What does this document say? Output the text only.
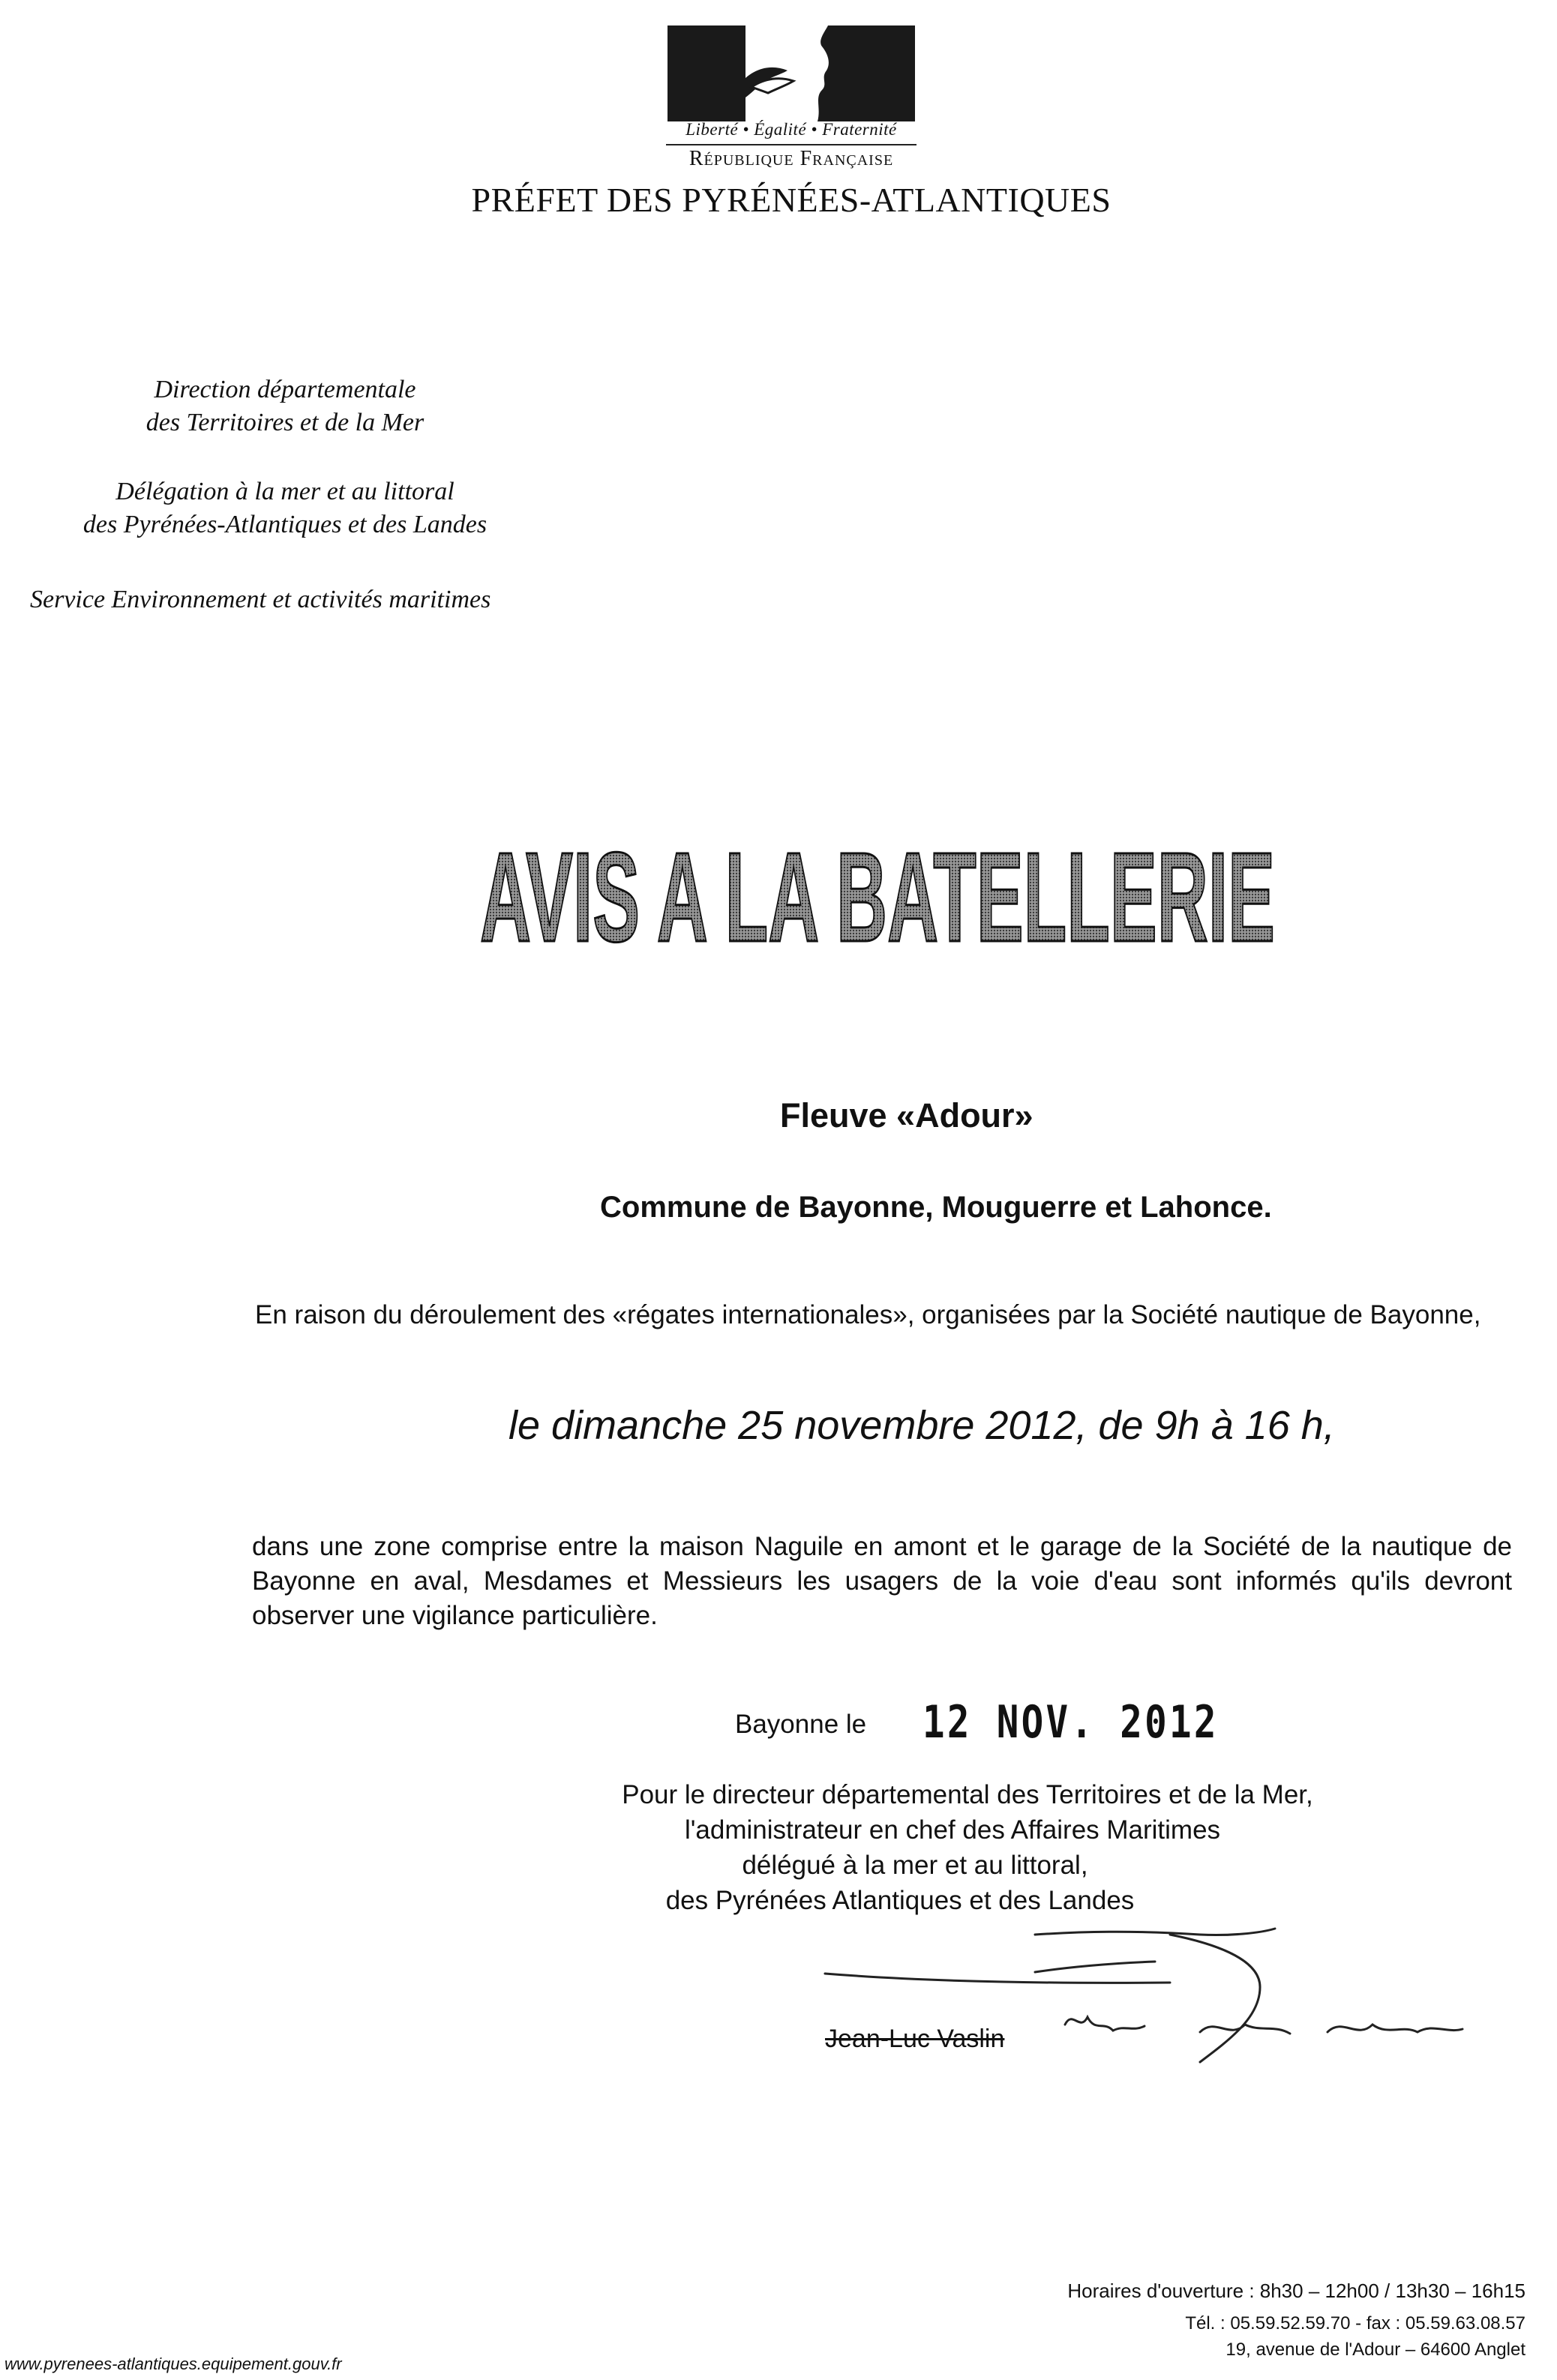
Liberté • Égalité • Fraternité
République Française
PRÉFET DES PYRÉNÉES-ATLANTIQUES
Direction départementale
des Territoires et de la Mer
Délégation à la mer et au littoral
des Pyrénées-Atlantiques et des Landes
Service Environnement et activités maritimes
AVIS A LA BATELLERIE
Fleuve «Adour»
Commune de Bayonne, Mouguerre et Lahonce.
En raison du déroulement des «régates internationales», organisées par la Société nautique de Bayonne,
le dimanche 25 novembre 2012, de 9h à 16 h,
dans une zone comprise entre la maison Naguile en amont et le garage de la Société de la nautique de Bayonne en aval, Mesdames et Messieurs les usagers de la voie d'eau sont informés qu'ils devront observer une vigilance particulière.
Bayonne le 12 NOV. 2012
Pour le directeur départemental des Territoires et de la Mer,
l'administrateur en chef des Affaires Maritimes
délégué à la mer et au littoral,
des Pyrénées Atlantiques et des Landes
Jean-Luc Vaslin
Horaires d'ouverture : 8h30 – 12h00 / 13h30 – 16h15
Tél. : 05.59.52.59.70 - fax : 05.59.63.08.57
19, avenue de l'Adour – 64600 Anglet
www.pyrenees-atlantiques.equipement.gouv.fr
